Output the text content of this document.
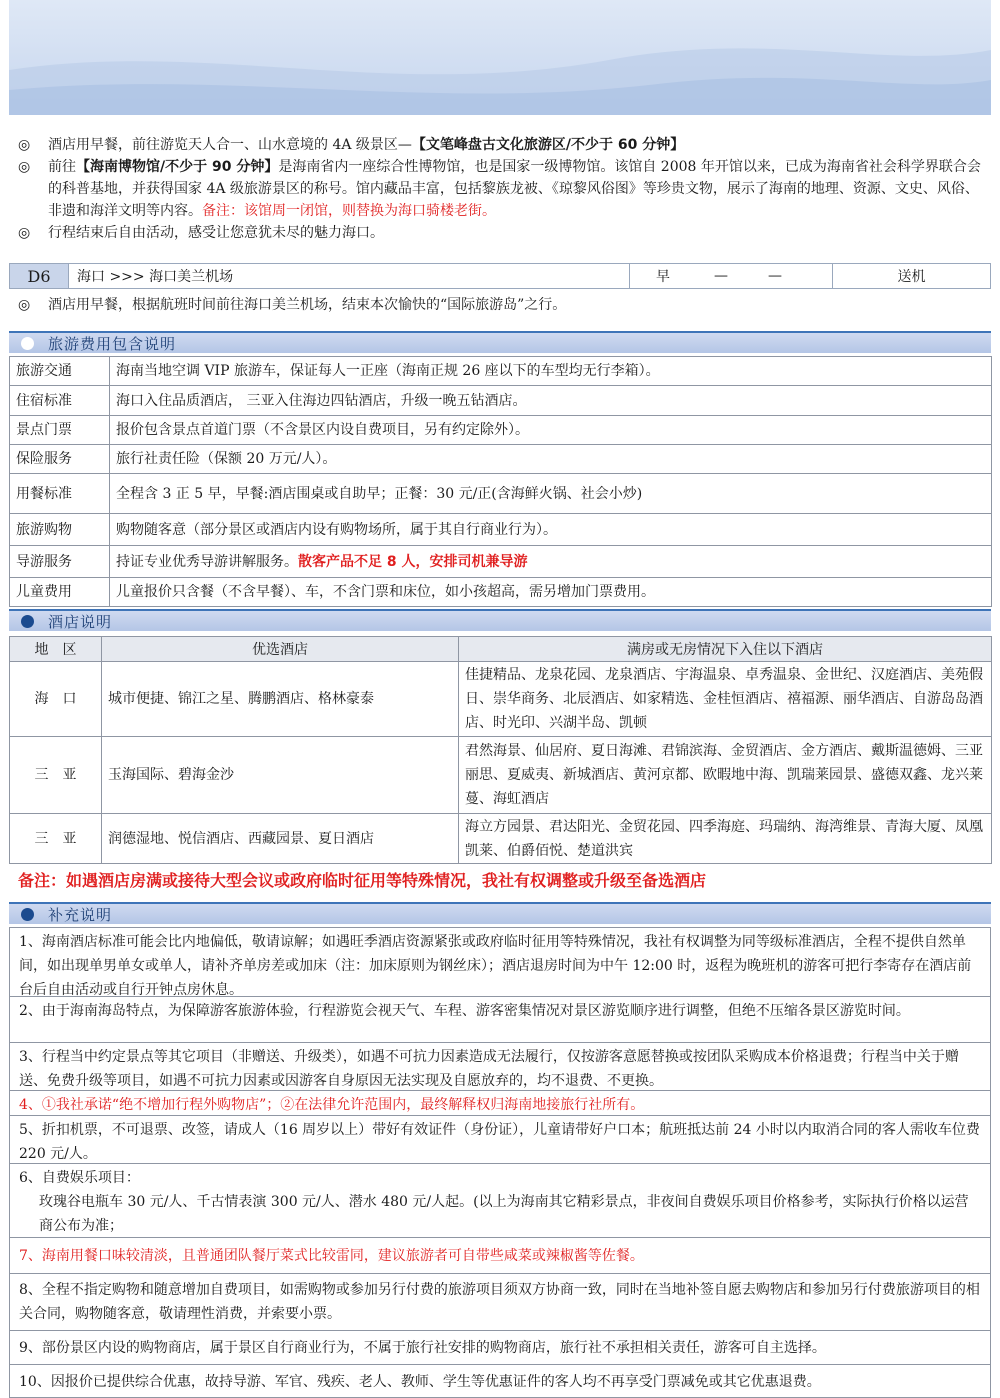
◎	酒店用早餐，前往游览天人合一、山水意境的 4A 级景区—【文笔峰盘古文化旅游区/不少于 60 分钟】
◎	前往【海南博物馆/不少于 90 分钟】是海南省内一座综合性博物馆，也是国家一级博物馆。该馆自 2008 年开馆以来，已成为海南省社会科学界联合会的科普基地，并获得国家 4A 级旅游景区的称号。馆内藏品丰富，包括黎族龙被、《琼黎风俗图》等珍贵文物，展示了海南的地理、资源、文史、风俗、非遗和海洋文明等内容。备注：该馆周一闭馆，则替换为海口骑楼老街。
◎	行程结束后自由活动，感受让您意犹未尽的魅力海口。
D6	海口 >>> 海口美兰机场	早	—	—	送机
◎	酒店用早餐，根据航班时间前往海口美兰机场，结束本次愉快的“国际旅游岛”之行。
旅游费用包含说明
旅游交通	海南当地空调 VIP 旅游车，保证每人一正座（海南正规 26 座以下的车型均无行李箱）。
住宿标准	海口入住品质酒店， 三亚入住海边四钻酒店，升级一晚五钻酒店。
景点门票	报价包含景点首道门票（不含景区内设自费项目，另有约定除外）。
保险服务	旅行社责任险（保额 20 万元/人）。
用餐标准	全程含 3 正 5 早，早餐:酒店围桌或自助早；正餐：30 元/正(含海鲜火锅、社会小炒)
旅游购物	购物随客意（部分景区或酒店内设有购物场所，属于其自行商业行为）。
导游服务	持证专业优秀导游讲解服务。散客产品不足 8 人，安排司机兼导游
儿童费用	儿童报价只含餐（不含早餐）、车，不含门票和床位，如小孩超高，需另增加门票费用。
酒店说明
地　区	优选酒店	满房或无房情况下入住以下酒店
海　口	城市便捷、锦江之星、腾鹏酒店、格林豪泰	佳捷精品、龙泉花园、龙泉酒店、宇海温泉、卓秀温泉、金世纪、汉庭酒店、美苑假日、崇华商务、北辰酒店、如家精选、金桂恒酒店、禧福源、丽华酒店、自游岛岛酒店、时光印、兴湖半岛、凯顿
三　亚	玉海国际、碧海金沙	君然海景、仙居府、夏日海滩、君锦滨海、金贸酒店、金方酒店、戴斯温德姆、三亚丽思、夏威夷、新城酒店、黄河京都、欧暇地中海、凯瑞莱园景、盛德双鑫、龙兴莱蔓、海虹酒店
三　亚	润德湿地、悦信酒店、西藏园景、夏日酒店	海立方园景、君达阳光、金贸花园、四季海庭、玛瑞纳、海湾维景、青海大厦、凤凰凯莱、伯爵佰悦、楚道洪宾
备注：如遇酒店房满或接待大型会议或政府临时征用等特殊情况，我社有权调整或升级至备选酒店
补充说明
1、海南酒店标准可能会比内地偏低，敬请谅解；如遇旺季酒店资源紧张或政府临时征用等特殊情况，我社有权调整为同等级标准酒店，全程不提供自然单间，如出现单男单女或单人，请补齐单房差或加床（注：加床原则为钢丝床）；酒店退房时间为中午 12:00 时，返程为晚班机的游客可把行李寄存在酒店前台后自由活动或自行开钟点房休息。
2、由于海南海岛特点，为保障游客旅游体验，行程游览会视天气、车程、游客密集情况对景区游览顺序进行调整，但绝不压缩各景区游览时间。
3、行程当中约定景点等其它项目（非赠送、升级类），如遇不可抗力因素造成无法履行，仅按游客意愿替换或按团队采购成本价格退费；行程当中关于赠送、免费升级等项目，如遇不可抗力因素或因游客自身原因无法实现及自愿放弃的，均不退费、不更换。
4、①我社承诺“绝不增加行程外购物店”；②在法律允许范围内，最终解释权归海南地接旅行社所有。
5、折扣机票，不可退票、改签，请成人（16 周岁以上）带好有效证件（身份证），儿童请带好户口本；航班抵达前 24 小时以内取消合同的客人需收车位费 220 元/人。
6、自费娱乐项目：
玫瑰谷电瓶车 30 元/人、千古情表演 300 元/人、潜水 480 元/人起。(以上为海南其它精彩景点，非夜间自费娱乐项目价格参考，实际执行价格以运营商公布为准；
7、海南用餐口味较清淡，且普通团队餐厅菜式比较雷同，建议旅游者可自带些咸菜或辣椒酱等佐餐。
8、全程不指定购物和随意增加自费项目，如需购物或参加另行付费的旅游项目须双方协商一致，同时在当地补签自愿去购物店和参加另行付费旅游项目的相关合同，购物随客意，敬请理性消费，并索要小票。
9、部份景区内设的购物商店，属于景区自行商业行为，不属于旅行社安排的购物商店，旅行社不承担相关责任，游客可自主选择。
10、因报价已提供综合优惠，故持导游、军官、残疾、老人、教师、学生等优惠证件的客人均不再享受门票减免或其它优惠退费。
